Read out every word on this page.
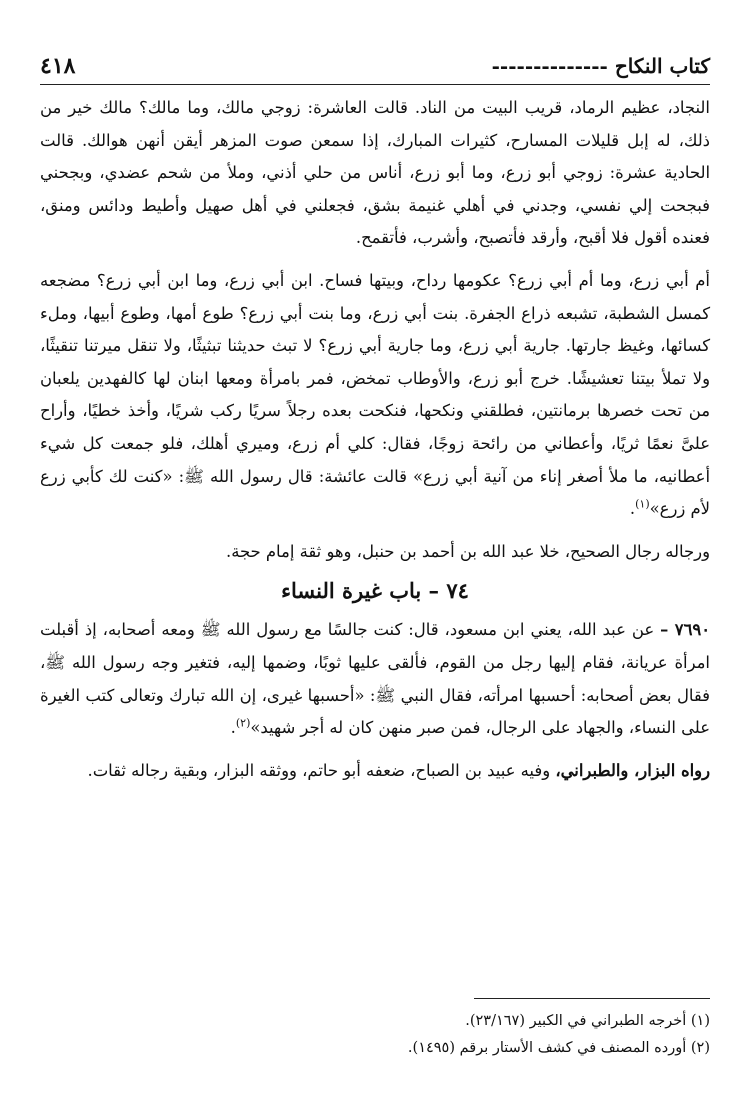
كتاب النكاح --------------
٤١٨

النجاد، عظيم الرماد، قريب البيت من الناد. قالت العاشرة: زوجي مالك، وما مالك؟ مالك خير من ذلك، له إبل قليلات المسارح، كثيرات المبارك، إذا سمعن صوت المزهر أيقن أنهن هوالك. قالت الحادية عشرة: زوجي أبو زرع، وما أبو زرع، أناس من حلي أذني، وملأ من شحم عضدي، وبجحني فبجحت إلي نفسي، وجدني في أهلي غنيمة بشق، فجعلني في أهل صهيل وأطيط ودائس ومنق، فعنده أقول فلا أقبح، وأرقد فأتصبح، وأشرب، فأتقمح.

أم أبي زرع، وما أم أبي زرع؟ عكومها رداح، وبيتها فساح. ابن أبي زرع، وما ابن أبي زرع؟ مضجعه كمسل الشطبة، تشبعه ذراع الجفرة. بنت أبي زرع، وما بنت أبي زرع؟ طوع أمها، وطوع أبيها، وملء كسائها، وغيظ جارتها. جارية أبي زرع، وما جارية أبي زرع؟ لا تبث حديثنا تبثيثًا، ولا تنقل ميرتنا تنقيثًا، ولا تملأ بيتنا تعشيشًا. خرج أبو زرع، والأوطاب تمخض، فمر بامرأة ومعها ابنان لها كالفهدين يلعبان من تحت خصرها برمانتين، فطلقني ونكحها، فنكحت بعده رجلاً سريًا ركب شريًا، وأخذ خطيًا، وأراح علىَّ نعمًا ثريًا، وأعطاني من رائحة زوجًا، فقال: كلي أم زرع، وميري أهلك، فلو جمعت كل شيء أعطانيه، ما ملأ أصغر إناء من آنية أبي زرع» قالت عائشة: قال رسول الله ﷺ: «كنت لك كأبي زرع لأم زرع»$^{(١)}$.

ورجاله رجال الصحيح، خلا عبد الله بن أحمد بن حنبل، وهو ثقة إمام حجة.

٧٤ – باب غيرة النساء

٧٦٩٠ – عن عبد الله، يعني ابن مسعود، قال: كنت جالسًا مع رسول الله ﷺ ومعه أصحابه، إذ أقبلت امرأة عريانة، فقام إليها رجل من القوم، فألقى عليها ثوبًا، وضمها إليه، فتغير وجه رسول الله ﷺ، فقال بعض أصحابه: أحسبها امرأته، فقال النبي ﷺ: «أحسبها غيرى، إن الله تبارك وتعالى كتب الغيرة على النساء، والجهاد على الرجال، فمن صبر منهن كان له أجر شهيد»$^{(٢)}$.

رواه البزار، والطبراني، وفيه عبيد بن الصباح، ضعفه أبو حاتم، ووثقه البزار، وبقية رجاله ثقات.

(١) أخرجه الطبراني في الكبير (٢٣/١٦٧).
(٢) أورده المصنف في كشف الأستار برقم (١٤٩٥).
